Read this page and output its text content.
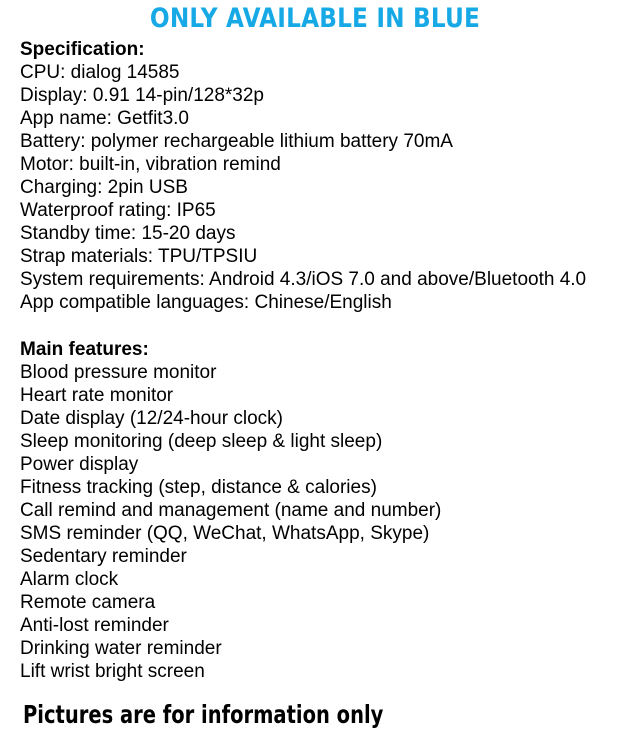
ONLY AVAILABLE IN BLUE
Specification:
CPU: dialog 14585
Display: 0.91 14-pin/128*32p
App name: Getfit3.0
Battery: polymer rechargeable lithium battery 70mA
Motor: built-in, vibration remind
Charging: 2pin USB
Waterproof rating: IP65
Standby time: 15-20 days
Strap materials: TPU/TPSIU
System requirements: Android 4.3/iOS 7.0 and above/Bluetooth 4.0
App compatible languages: Chinese/English
Main features:
Blood pressure monitor
Heart rate monitor
Date display (12/24-hour clock)
Sleep monitoring (deep sleep & light sleep)
Power display
Fitness tracking (step, distance & calories)
Call remind and management (name and number)
SMS reminder (QQ, WeChat, WhatsApp, Skype)
Sedentary reminder
Alarm clock
Remote camera
Anti-lost reminder
Drinking water reminder
Lift wrist bright screen
Pictures are for information only
